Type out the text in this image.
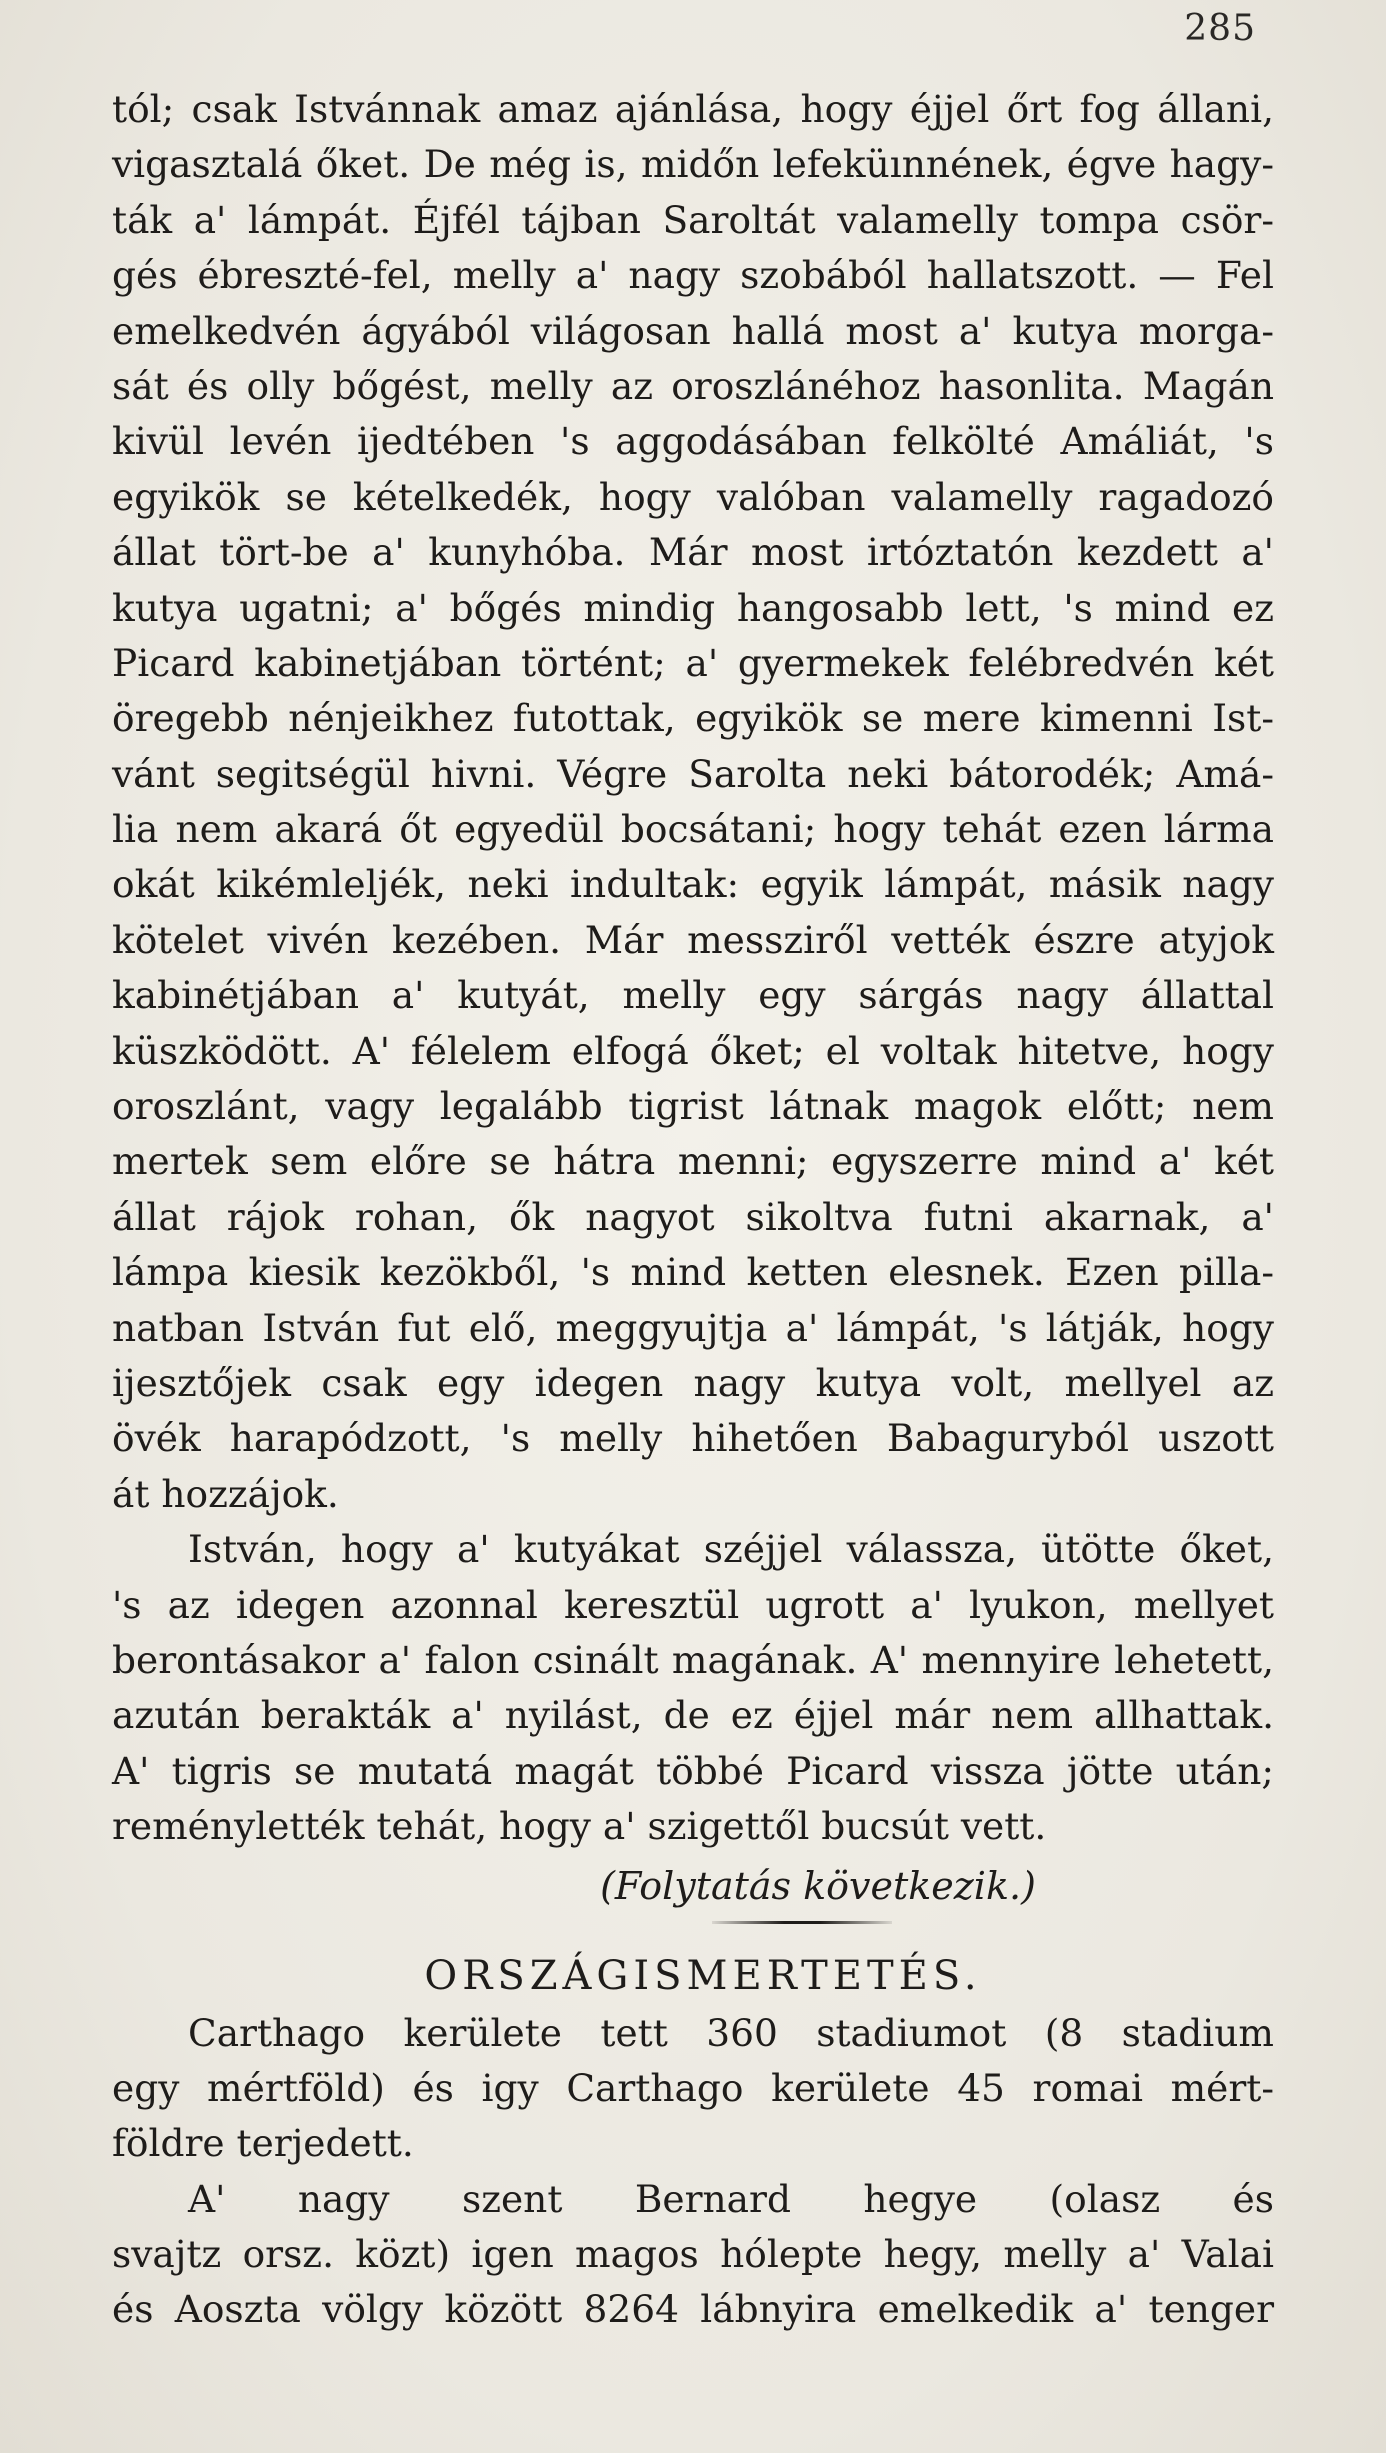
285
tól; csak Istvánnak amaz ajánlása, hogy éjjel őrt fog állani,
vigasztalá őket. De még is, midőn lefeküınnének, égve hagy-
ták a' lámpát. Éjfél tájban Saroltát valamelly tompa csör-
gés ébreszté-fel, melly a' nagy szobából hallatszott. — Fel
emelkedvén ágyából világosan hallá most a' kutya morga-
sát és olly bőgést, melly az oroszlánéhoz hasonlita. Magán
kivül levén ijedtében 's aggodásában felkölté Amáliát, 's
egyikök se kételkedék, hogy valóban valamelly ragadozó
állat tört-be a' kunyhóba. Már most irtóztatón kezdett a'
kutya ugatni; a' bőgés mindig hangosabb lett, 's mind ez
Picard kabinetjában történt; a' gyermekek felébredvén két
öregebb nénjeikhez futottak, egyikök se mere kimenni Ist-
vánt segitségül hivni. Végre Sarolta neki bátorodék; Amá-
lia nem akará őt egyedül bocsátani; hogy tehát ezen lárma
okát kikémleljék, neki indultak: egyik lámpát, másik nagy
kötelet vivén kezében. Már messziről vették észre atyjok
kabinétjában a' kutyát, melly egy sárgás nagy állattal
küszködött. A' félelem elfogá őket; el voltak hitetve, hogy
oroszlánt, vagy legalább tigrist látnak magok előtt; nem
mertek sem előre se hátra menni; egyszerre mind a' két
állat rájok rohan, ők nagyot sikoltva futni akarnak, a'
lámpa kiesik kezökből, 's mind ketten elesnek. Ezen pilla-
natban István fut elő, meggyujtja a' lámpát, 's látják, hogy
ijesztőjek csak egy idegen nagy kutya volt, mellyel az
övék harapódzott, 's melly hihetően Babaguryból uszott
át hozzájok.
István, hogy a' kutyákat széjjel válassza, ütötte őket,
's az idegen azonnal keresztül ugrott a' lyukon, mellyet
berontásakor a' falon csinált magának. A' mennyire lehetett,
azután berakták a' nyilást, de ez éjjel már nem allhattak.
A' tigris se mutatá magát többé Picard vissza jötte után;
reménylették tehát, hogy a' szigettől bucsút vett.
(Folytatás következik.)
ORSZÁGISMERTETÉS.
Carthago kerülete tett 360 stadiumot (8 stadium
egy mértföld) és igy Carthago kerülete 45 romai mért-
földre terjedett.
A' nagy szent Bernard hegye (olasz és
svajtz orsz. közt) igen magos hólepte hegy, melly a' Valai
és Aoszta völgy között 8264 lábnyira emelkedik a' tenger
